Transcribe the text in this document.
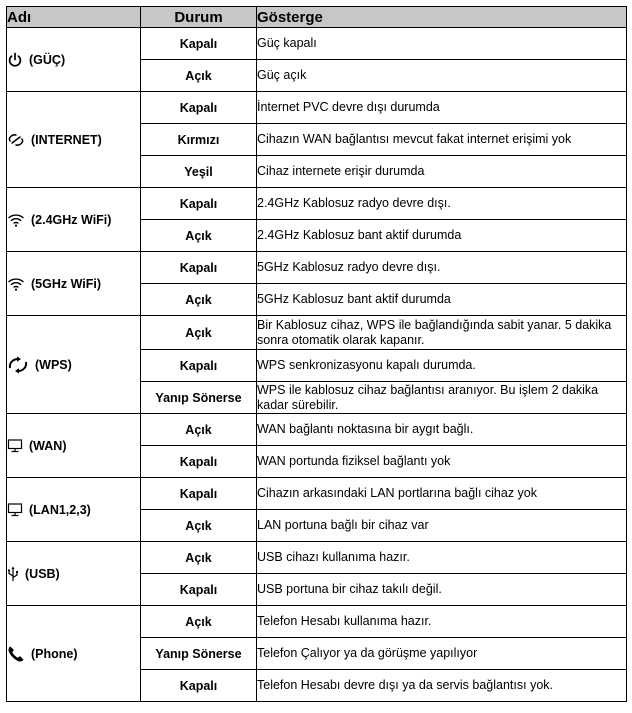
Adı	Durum	Gösterge

(GÜÇ)	Kapalı	Güç kapalı
	Açık	Güç açık

(INTERNET)	Kapalı	İnternet PVC devre dışı durumda
	Kırmızı	Cihazın WAN bağlantısı mevcut fakat internet erişimi yok
	Yeşil	Cihaz internete erişir durumda

(2.4GHz WiFi)	Kapalı	2.4GHz Kablosuz radyo devre dışı.
	Açık	2.4GHz Kablosuz bant aktif durumda

(5GHz WiFi)	Kapalı	5GHz Kablosuz radyo devre dışı.
	Açık	5GHz Kablosuz bant aktif durumda

(WPS)	Açık	Bir Kablosuz cihaz, WPS ile bağlandığında sabit yanar. 5 dakika sonra otomatik olarak kapanır.
	Kapalı	WPS senkronizasyonu kapalı durumda.
	Yanıp Sönerse	WPS ile kablosuz cihaz bağlantısı aranıyor. Bu işlem 2 dakika kadar sürebilir.

(WAN)	Açık	WAN bağlantı noktasına bir aygıt bağlı.
	Kapalı	WAN portunda fiziksel bağlantı yok

(LAN1,2,3)	Kapalı	Cihazın arkasındaki LAN portlarına bağlı cihaz yok
	Açık	LAN portuna bağlı bir cihaz var

(USB)	Açık	USB cihazı kullanıma hazır.
	Kapalı	USB portuna bir cihaz takılı değil.

(Phone)	Açık	Telefon Hesabı kullanıma hazır.
	Yanıp Sönerse	Telefon Çalıyor ya da görüşme yapılıyor
	Kapalı	Telefon Hesabı devre dışı ya da servis bağlantısı yok.
